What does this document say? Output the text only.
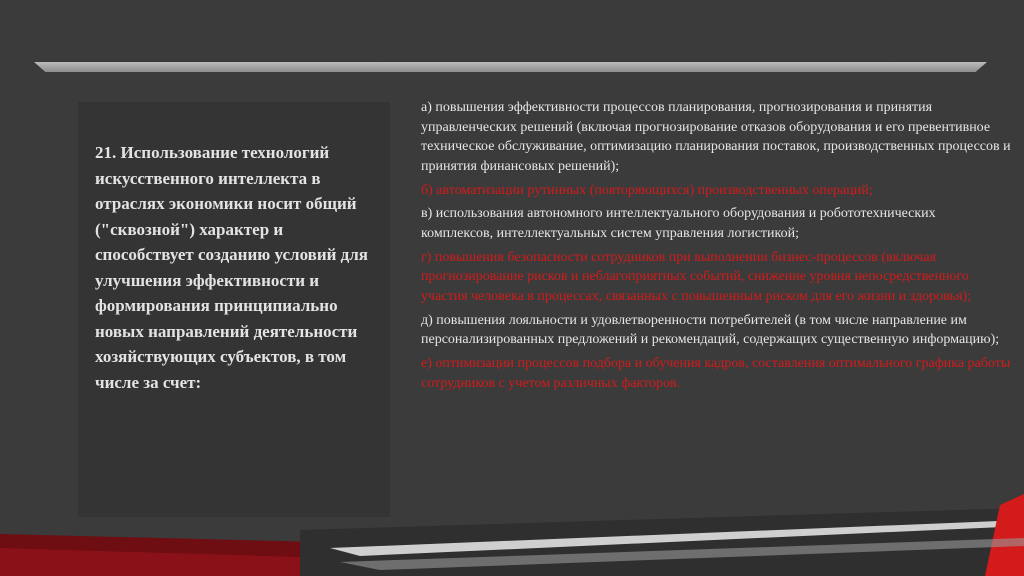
21. Использование технологий искусственного интеллекта в отраслях экономики носит общий ("сквозной") характер и способствует созданию условий для улучшения эффективности и формирования принципиально новых направлений деятельности хозяйствующих субъектов, в том числе за счет:

а) повышения эффективности процессов планирования, прогнозирования и принятия управленческих решений (включая прогнозирование отказов оборудования и его превентивное техническое обслуживание, оптимизацию планирования поставок, производственных процессов и принятия финансовых решений);
б) автоматизации рутинных (повторяющихся) производственных операций;
в) использования автономного интеллектуального оборудования и робототехнических комплексов, интеллектуальных систем управления логистикой;
г) повышения безопасности сотрудников при выполнении бизнес-процессов (включая прогнозирование рисков и неблагоприятных событий, снижение уровня непосредственного участия человека в процессах, связанных с повышенным риском для его жизни и здоровья);
д) повышения лояльности и удовлетворенности потребителей (в том числе направление им персонализированных предложений и рекомендаций, содержащих существенную информацию);
е) оптимизации процессов подбора и обучения кадров, составления оптимального графика работы сотрудников с учетом различных факторов.
